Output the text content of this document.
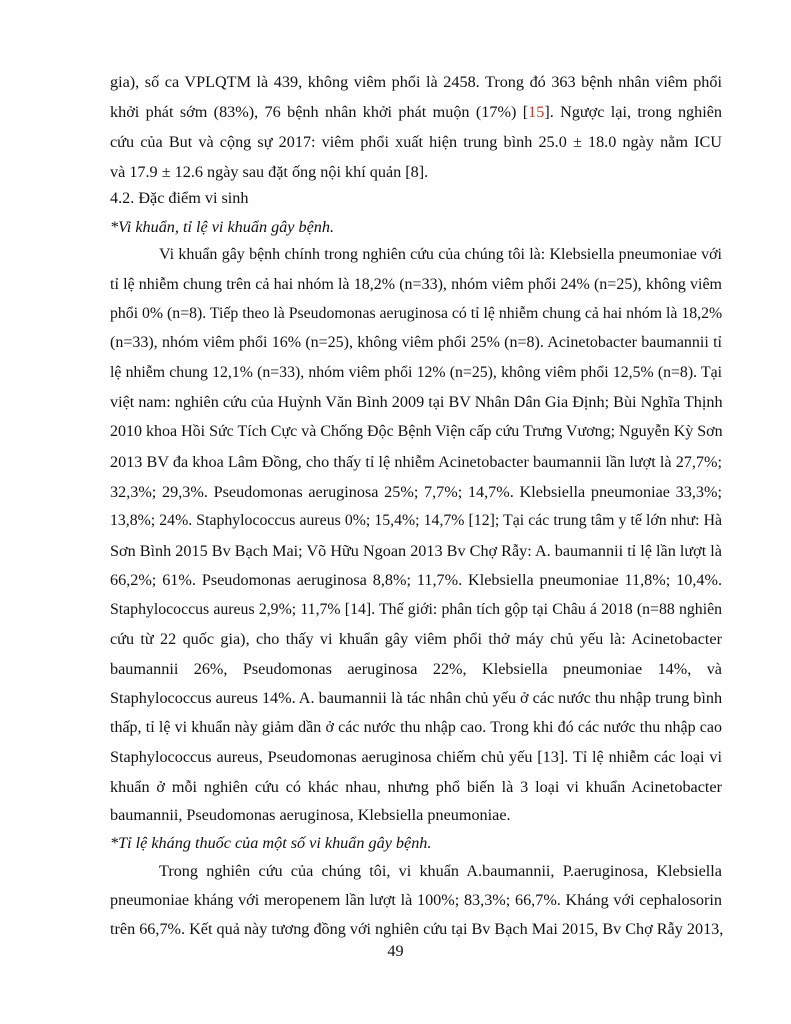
gia), số ca VPLQTM là 439, không viêm phổi là 2458. Trong đó 363 bệnh nhân viêm phổi
khởi phát sớm (83%), 76 bệnh nhân khởi phát muộn (17%) [15]. Ngược lại, trong nghiên
cứu của But và cộng sự 2017: viêm phổi xuất hiện trung bình 25.0 ± 18.0 ngày nằm ICU
và 17.9 ± 12.6 ngày sau đặt ống nội khí quản [8].
4.2. Đặc điểm vi sinh
*Vi khuẩn, tỉ lệ vi khuẩn gây bệnh.
Vi khuẩn gây bệnh chính trong nghiên cứu của chúng tôi là: Klebsiella pneumoniae với
tỉ lệ nhiễm chung trên cả hai nhóm là 18,2% (n=33), nhóm viêm phổi 24% (n=25), không viêm
phổi 0% (n=8). Tiếp theo là Pseudomonas aeruginosa có tỉ lệ nhiễm chung cả hai nhóm là 18,2%
(n=33), nhóm viêm phổi 16% (n=25), không viêm phổi 25% (n=8). Acinetobacter baumannii tỉ
lệ nhiễm chung 12,1% (n=33), nhóm viêm phổi 12% (n=25), không viêm phổi 12,5% (n=8). Tại
việt nam: nghiên cứu của Huỳnh Văn Bình 2009 tại BV Nhân Dân Gia Định; Bùi Nghĩa Thịnh
2010 khoa Hồi Sức Tích Cực và Chống Độc Bệnh Viện cấp cứu Trưng Vương; Nguyễn Kỳ Sơn
2013 BV đa khoa Lâm Đồng, cho thấy tỉ lệ nhiễm Acinetobacter baumannii lần lượt là 27,7%;
32,3%; 29,3%. Pseudomonas aeruginosa 25%; 7,7%; 14,7%. Klebsiella pneumoniae 33,3%;
13,8%; 24%. Staphylococcus aureus 0%; 15,4%; 14,7% [12]; Tại các trung tâm y tế lớn như: Hà
Sơn Bình 2015 Bv Bạch Mai; Võ Hữu Ngoan 2013 Bv Chợ Rẫy: A. baumannii tỉ lệ lần lượt là
66,2%; 61%. Pseudomonas aeruginosa 8,8%; 11,7%. Klebsiella pneumoniae 11,8%; 10,4%.
Staphylococcus aureus 2,9%; 11,7% [14]. Thế giới: phân tích gộp tại Châu á 2018 (n=88 nghiên
cứu từ 22 quốc gia), cho thấy vi khuẩn gây viêm phổi thở máy chủ yếu là: Acinetobacter
baumannii 26%, Pseudomonas aeruginosa 22%, Klebsiella pneumoniae 14%, và
Staphylococcus aureus 14%. A. baumannii là tác nhân chủ yếu ở các nước thu nhập trung bình
thấp, tỉ lệ vi khuẩn này giảm dần ở các nước thu nhập cao. Trong khi đó các nước thu nhập cao
Staphylococcus aureus, Pseudomonas aeruginosa chiếm chủ yếu [13]. Tỉ lệ nhiễm các loại vi
khuẩn ở mỗi nghiên cứu có khác nhau, nhưng phổ biến là 3 loại vi khuẩn Acinetobacter
baumannii, Pseudomonas aeruginosa, Klebsiella pneumoniae.
*Tỉ lệ kháng thuốc của một số vi khuẩn gây bệnh.
Trong nghiên cứu của chúng tôi, vi khuẩn A.baumannii, P.aeruginosa, Klebsiella
pneumoniae kháng với meropenem lần lượt là 100%; 83,3%; 66,7%. Kháng với cephalosorin
trên 66,7%. Kết quả này tương đồng với nghiên cứu tại Bv Bạch Mai 2015, Bv Chợ Rẫy 2013,
49
